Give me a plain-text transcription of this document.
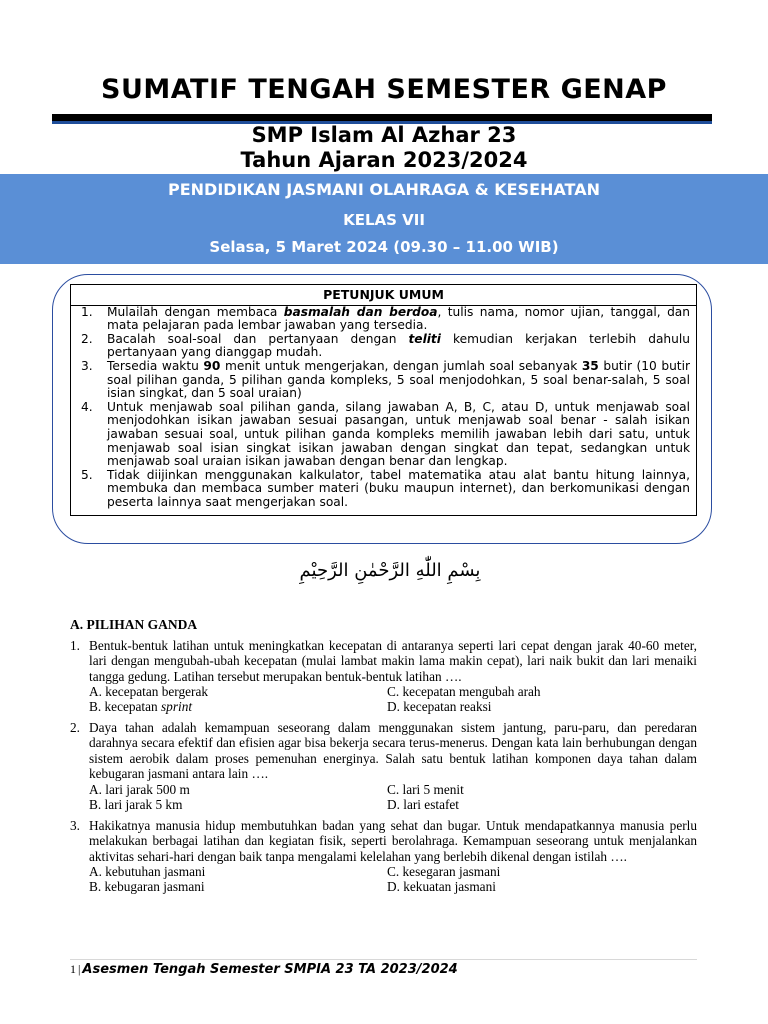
SUMATIF TENGAH SEMESTER GENAP
SMP Islam Al Azhar 23
Tahun Ajaran 2023/2024
PENDIDIKAN JASMANI OLAHRAGA & KESEHATAN
KELAS VII
Selasa, 5 Maret 2024 (09.30 – 11.00 WIB)
PETUNJUK UMUM
1. Mulailah dengan membaca basmalah dan berdoa, tulis nama, nomor ujian, tanggal, dan mata pelajaran pada lembar jawaban yang tersedia.
2. Bacalah soal-soal dan pertanyaan dengan teliti kemudian kerjakan terlebih dahulu pertanyaan yang dianggap mudah.
3. Tersedia waktu 90 menit untuk mengerjakan, dengan jumlah soal sebanyak 35 butir (10 butir soal pilihan ganda, 5 pilihan ganda kompleks, 5 soal menjodohkan, 5 soal benar-salah, 5 soal isian singkat, dan 5 soal uraian)
4. Untuk menjawab soal pilihan ganda, silang jawaban A, B, C, atau D, untuk menjawab soal menjodohkan isikan jawaban sesuai pasangan, untuk menjawab soal benar - salah isikan jawaban sesuai soal, untuk pilihan ganda kompleks memilih jawaban lebih dari satu, untuk menjawab soal isian singkat isikan jawaban dengan singkat dan tepat, sedangkan untuk menjawab soal uraian isikan jawaban dengan benar dan lengkap.
5. Tidak diijinkan menggunakan kalkulator, tabel matematika atau alat bantu hitung lainnya, membuka dan membaca sumber materi (buku maupun internet), dan berkomunikasi dengan peserta lainnya saat mengerjakan soal.
بِسْمِ اللّٰهِ الرَّحْمٰنِ الرَّحِيْمِ
A. PILIHAN GANDA
1. Bentuk-bentuk latihan untuk meningkatkan kecepatan di antaranya seperti lari cepat dengan jarak 40-60 meter, lari dengan mengubah-ubah kecepatan (mulai lambat makin lama makin cepat), lari naik bukit dan lari menaiki tangga gedung. Latihan tersebut merupakan bentuk-bentuk latihan ….
A. kecepatan bergerak	C. kecepatan mengubah arah
B. kecepatan sprint	D. kecepatan reaksi
2. Daya tahan adalah kemampuan seseorang dalam menggunakan sistem jantung, paru-paru, dan peredaran darahnya secara efektif dan efisien agar bisa bekerja secara terus-menerus. Dengan kata lain berhubungan dengan sistem aerobik dalam proses pemenuhan energinya. Salah satu bentuk latihan komponen daya tahan dalam kebugaran jasmani antara lain ….
A. lari jarak 500 m	C. lari 5 menit
B. lari jarak 5 km	D. lari estafet
3. Hakikatnya manusia hidup membutuhkan badan yang sehat dan bugar. Untuk mendapatkannya manusia perlu melakukan berbagai latihan dan kegiatan fisik, seperti berolahraga. Kemampuan seseorang untuk menjalankan aktivitas sehari-hari dengan baik tanpa mengalami kelelahan yang berlebih dikenal dengan istilah ….
A. kebutuhan jasmani	C. kesegaran jasmani
B. kebugaran jasmani	D. kekuatan jasmani
1 | Asesmen Tengah Semester SMPIA 23 TA 2023/2024
